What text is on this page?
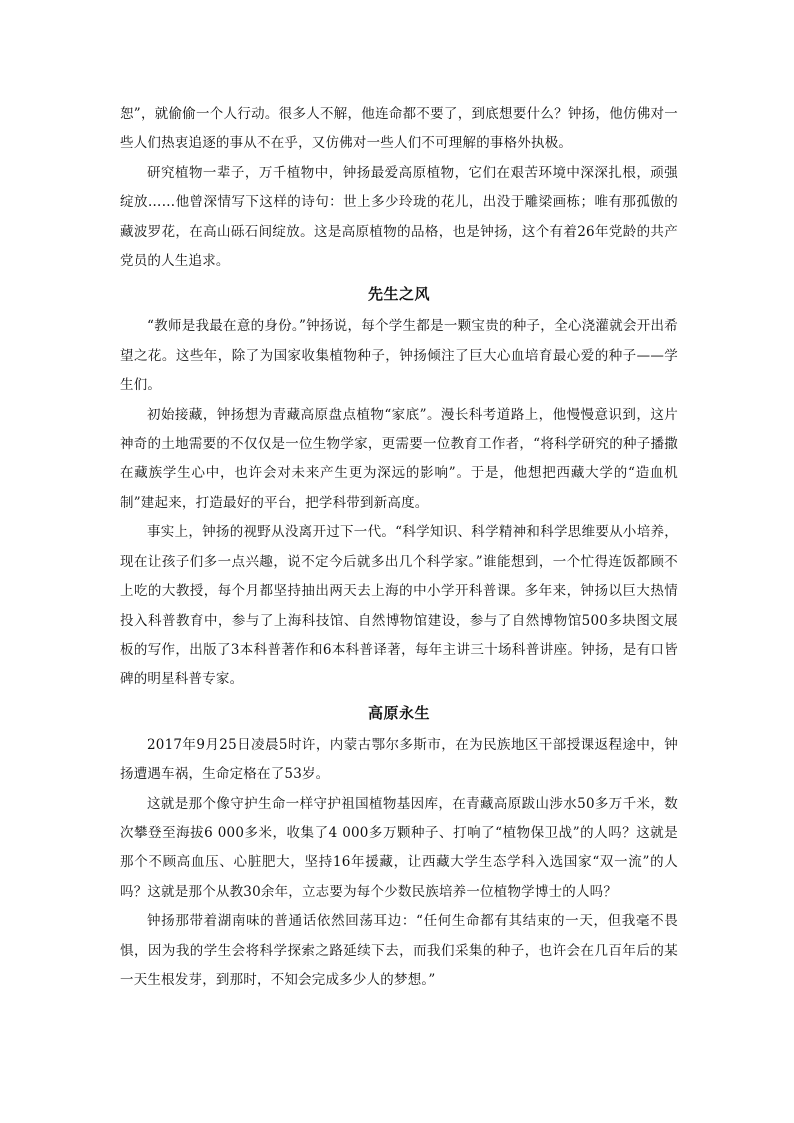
恕”，就偷偷一个人行动。很多人不解，他连命都不要了，到底想要什么？钟扬，他仿佛对一些人们热衷追逐的事从不在乎，又仿佛对一些人们不可理解的事格外执极。

研究植物一辈子，万千植物中，钟扬最爱高原植物，它们在艰苦环境中深深扎根，顽强绽放……他曾深情写下这样的诗句：世上多少玲珑的花儿，出没于雕梁画栋；唯有那孤傲的藏波罗花，在高山砾石间绽放。这是高原植物的品格，也是钟扬，这个有着26年党龄的共产党员的人生追求。

先生之风

“教师是我最在意的身份。”钟扬说，每个学生都是一颗宝贵的种子，全心浇灌就会开出希望之花。这些年，除了为国家收集植物种子，钟扬倾注了巨大心血培育最心爱的种子——学生们。

初始接藏，钟扬想为青藏高原盘点植物“家底”。漫长科考道路上，他慢慢意识到，这片神奇的土地需要的不仅仅是一位生物学家，更需要一位教育工作者，“将科学研究的种子播撒在藏族学生心中，也许会对未来产生更为深远的影响”。于是，他想把西藏大学的“造血机制”建起来，打造最好的平台，把学科带到新高度。

事实上，钟扬的视野从没离开过下一代。“科学知识、科学精神和科学思维要从小培养，现在让孩子们多一点兴趣，说不定今后就多出几个科学家。”谁能想到，一个忙得连饭都顾不上吃的大教授，每个月都坚持抽出两天去上海的中小学开科普课。多年来，钟扬以巨大热情投入科普教育中，参与了上海科技馆、自然博物馆建设，参与了自然博物馆500多块图文展板的写作，出版了3本科普著作和6本科普译著，每年主讲三十场科普讲座。钟扬，是有口皆碑的明星科普专家。

高原永生

2017年9月25日凌晨5时许，内蒙古鄂尔多斯市，在为民族地区干部授课返程途中，钟扬遭遇车祸，生命定格在了53岁。

这就是那个像守护生命一样守护祖国植物基因库，在青藏高原跋山涉水50多万千米，数次攀登至海拔6 000多米，收集了4 000多万颗种子、打响了“植物保卫战”的人吗？这就是那个不顾高血压、心脏肥大，坚持16年援藏，让西藏大学生态学科入选国家“双一流”的人吗？这就是那个从教30余年，立志要为每个少数民族培养一位植物学博士的人吗？

钟扬那带着湖南味的普通话依然回荡耳边：“任何生命都有其结束的一天，但我毫不畏惧，因为我的学生会将科学探索之路延续下去，而我们采集的种子，也许会在几百年后的某一天生根发芽，到那时，不知会完成多少人的梦想。”
